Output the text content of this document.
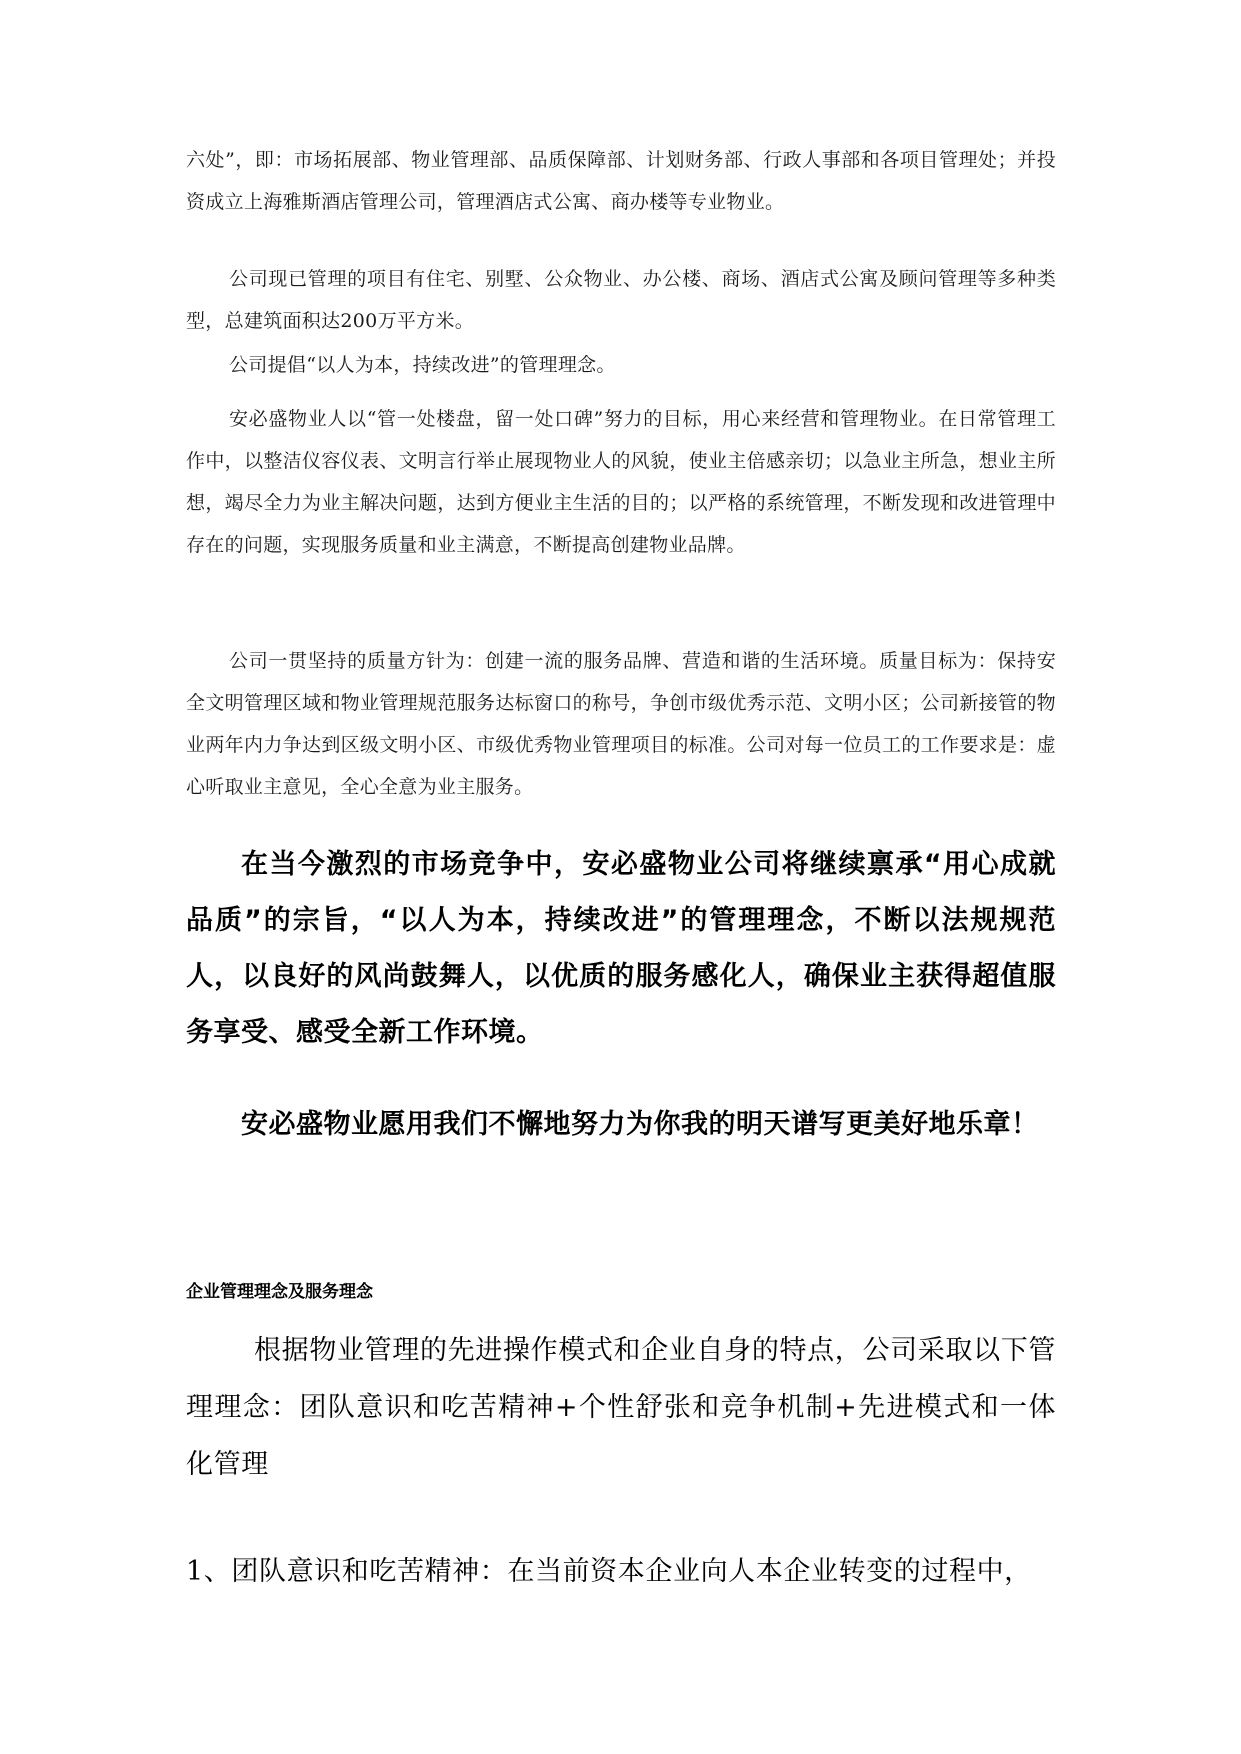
六处”，即：市场拓展部、物业管理部、品质保障部、计划财务部、行政人事部和各项目管理处；并投资成立上海雅斯酒店管理公司，管理酒店式公寓、商办楼等专业物业。

公司现已管理的项目有住宅、别墅、公众物业、办公楼、商场、酒店式公寓及顾问管理等多种类型，总建筑面积达200万平方米。

公司提倡“以人为本，持续改进”的管理理念。

安必盛物业人以“管一处楼盘，留一处口碑”努力的目标，用心来经营和管理物业。在日常管理工作中，以整洁仪容仪表、文明言行举止展现物业人的风貌，使业主倍感亲切；以急业主所急，想业主所想，竭尽全力为业主解决问题，达到方便业主生活的目的；以严格的系统管理，不断发现和改进管理中存在的问题，实现服务质量和业主满意，不断提高创建物业品牌。

公司一贯坚持的质量方针为：创建一流的服务品牌、营造和谐的生活环境。质量目标为：保持安全文明管理区域和物业管理规范服务达标窗口的称号，争创市级优秀示范、文明小区；公司新接管的物业两年内力争达到区级文明小区、市级优秀物业管理项目的标准。公司对每一位员工的工作要求是：虚心听取业主意见，全心全意为业主服务。

在当今激烈的市场竞争中，安必盛物业公司将继续禀承“用心成就品质”的宗旨，“以人为本，持续改进”的管理理念，不断以法规规范人，以良好的风尚鼓舞人，以优质的服务感化人，确保业主获得超值服务享受、感受全新工作环境。

安必盛物业愿用我们不懈地努力为你我的明天谱写更美好地乐章！

企业管理理念及服务理念

根据物业管理的先进操作模式和企业自身的特点，公司采取以下管理理念：团队意识和吃苦精神+个性舒张和竞争机制+先进模式和一体化管理

1、团队意识和吃苦精神：在当前资本企业向人本企业转变的过程中，
